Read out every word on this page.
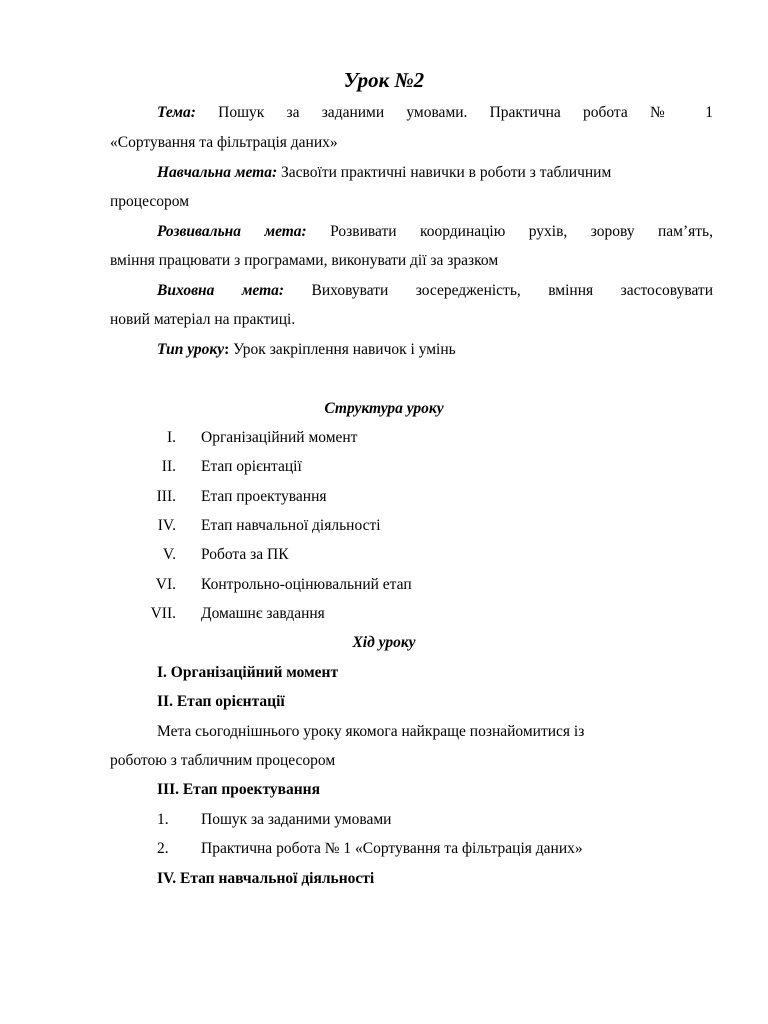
Урок №2
Тема: Пошук за заданими умовами. Практична робота № 1
«Сортування та фільтрація даних»
Навчальна мета: Засвоїти практичні навички в роботи з табличним
процесором
Розвивальна мета: Розвивати координацію рухів, зорову пам’ять,
вміння працювати з програмами, виконувати дії за зразком
Виховна мета: Виховувати зосередженість, вміння застосовувати
новий матеріал на практиці.
Тип уроку: Урок закріплення навичок і умінь
Структура уроку
I. Організаційний момент
II. Етап орієнтації
III. Етап проектування
IV. Етап навчальної діяльності
V. Робота за ПК
VI. Контрольно-оцінювальний етап
VII. Домашнє завдання
Хід уроку
І. Організаційний момент
ІІ. Етап орієнтації
Мета сьогоднішнього уроку якомога найкраще познайомитися із
роботою з табличним процесором
ІІІ. Етап проектування
1. Пошук за заданими умовами
2. Практична робота № 1 «Сортування та фільтрація даних»
IV. Етап навчальної діяльності
